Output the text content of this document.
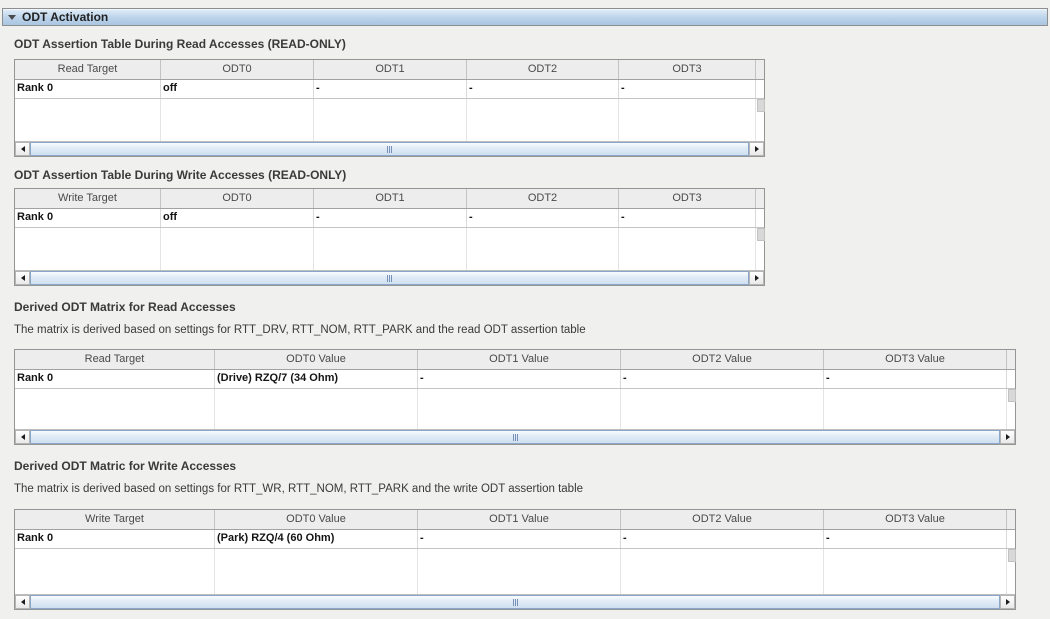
ODT Activation
ODT Assertion Table During Read Accesses (READ-ONLY)
Read Target	ODT0	ODT1	ODT2	ODT3
Rank 0	off	-	-	-
ODT Assertion Table During Write Accesses (READ-ONLY)
Write Target	ODT0	ODT1	ODT2	ODT3
Rank 0	off	-	-	-
Derived ODT Matrix for Read Accesses
The matrix is derived based on settings for RTT_DRV, RTT_NOM, RTT_PARK and the read ODT assertion table
Read Target	ODT0 Value	ODT1 Value	ODT2 Value	ODT3 Value
Rank 0	(Drive) RZQ/7 (34 Ohm)	-	-	-
Derived ODT Matric for Write Accesses
The matrix is derived based on settings for RTT_WR, RTT_NOM, RTT_PARK and the write ODT assertion table
Write Target	ODT0 Value	ODT1 Value	ODT2 Value	ODT3 Value
Rank 0	(Park) RZQ/4 (60 Ohm)	-	-	-
